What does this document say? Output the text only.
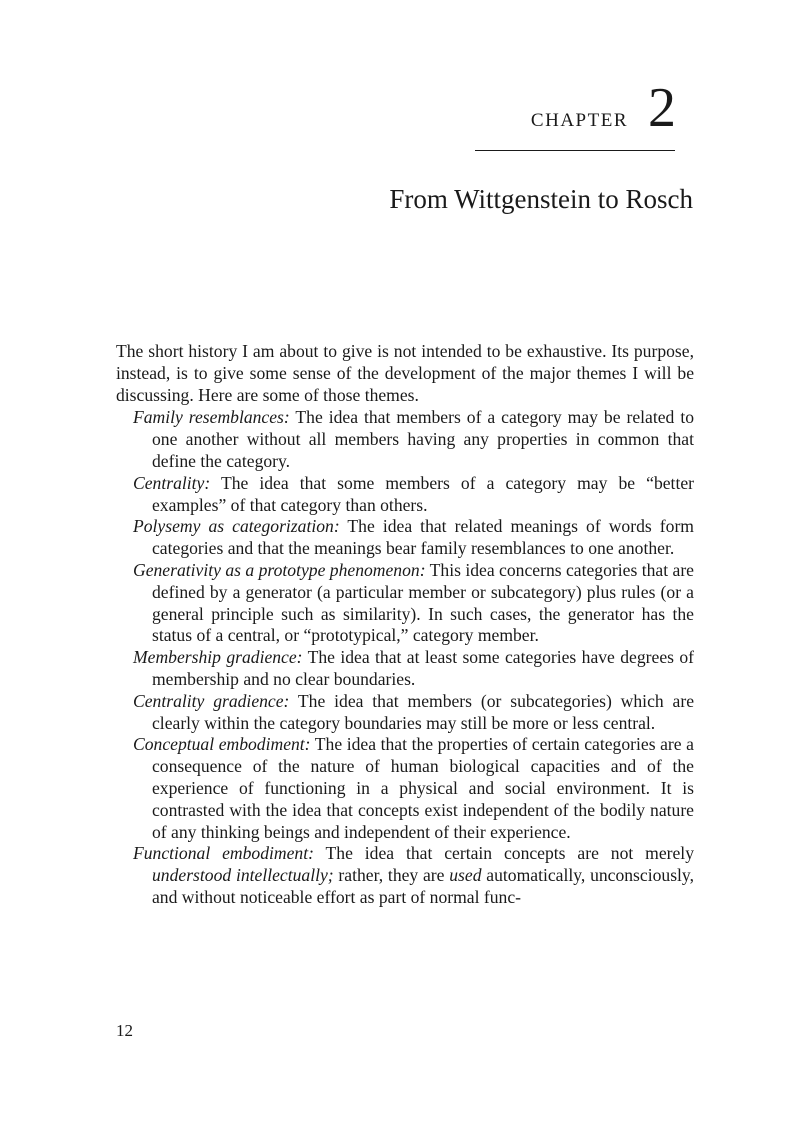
CHAPTER 2
From Wittgenstein to Rosch

The short history I am about to give is not intended to be exhaustive. Its purpose, instead, is to give some sense of the development of the major themes I will be discussing. Here are some of those themes.

Family resemblances: The idea that members of a category may be related to one another without all members having any properties in common that define the category.

Centrality: The idea that some members of a category may be “better examples” of that category than others.

Polysemy as categorization: The idea that related meanings of words form categories and that the meanings bear family resemblances to one another.

Generativity as a prototype phenomenon: This idea concerns categories that are defined by a generator (a particular member or subcategory) plus rules (or a general principle such as similarity). In such cases, the generator has the status of a central, or “prototypical,” category member.

Membership gradience: The idea that at least some categories have degrees of membership and no clear boundaries.

Centrality gradience: The idea that members (or subcategories) which are clearly within the category boundaries may still be more or less central.

Conceptual embodiment: The idea that the properties of certain categories are a consequence of the nature of human biological capacities and of the experience of functioning in a physical and social environment. It is contrasted with the idea that concepts exist independent of the bodily nature of any thinking beings and independent of their experience.

Functional embodiment: The idea that certain concepts are not merely understood intellectually; rather, they are used automatically, unconsciously, and without noticeable effort as part of normal func-

12
